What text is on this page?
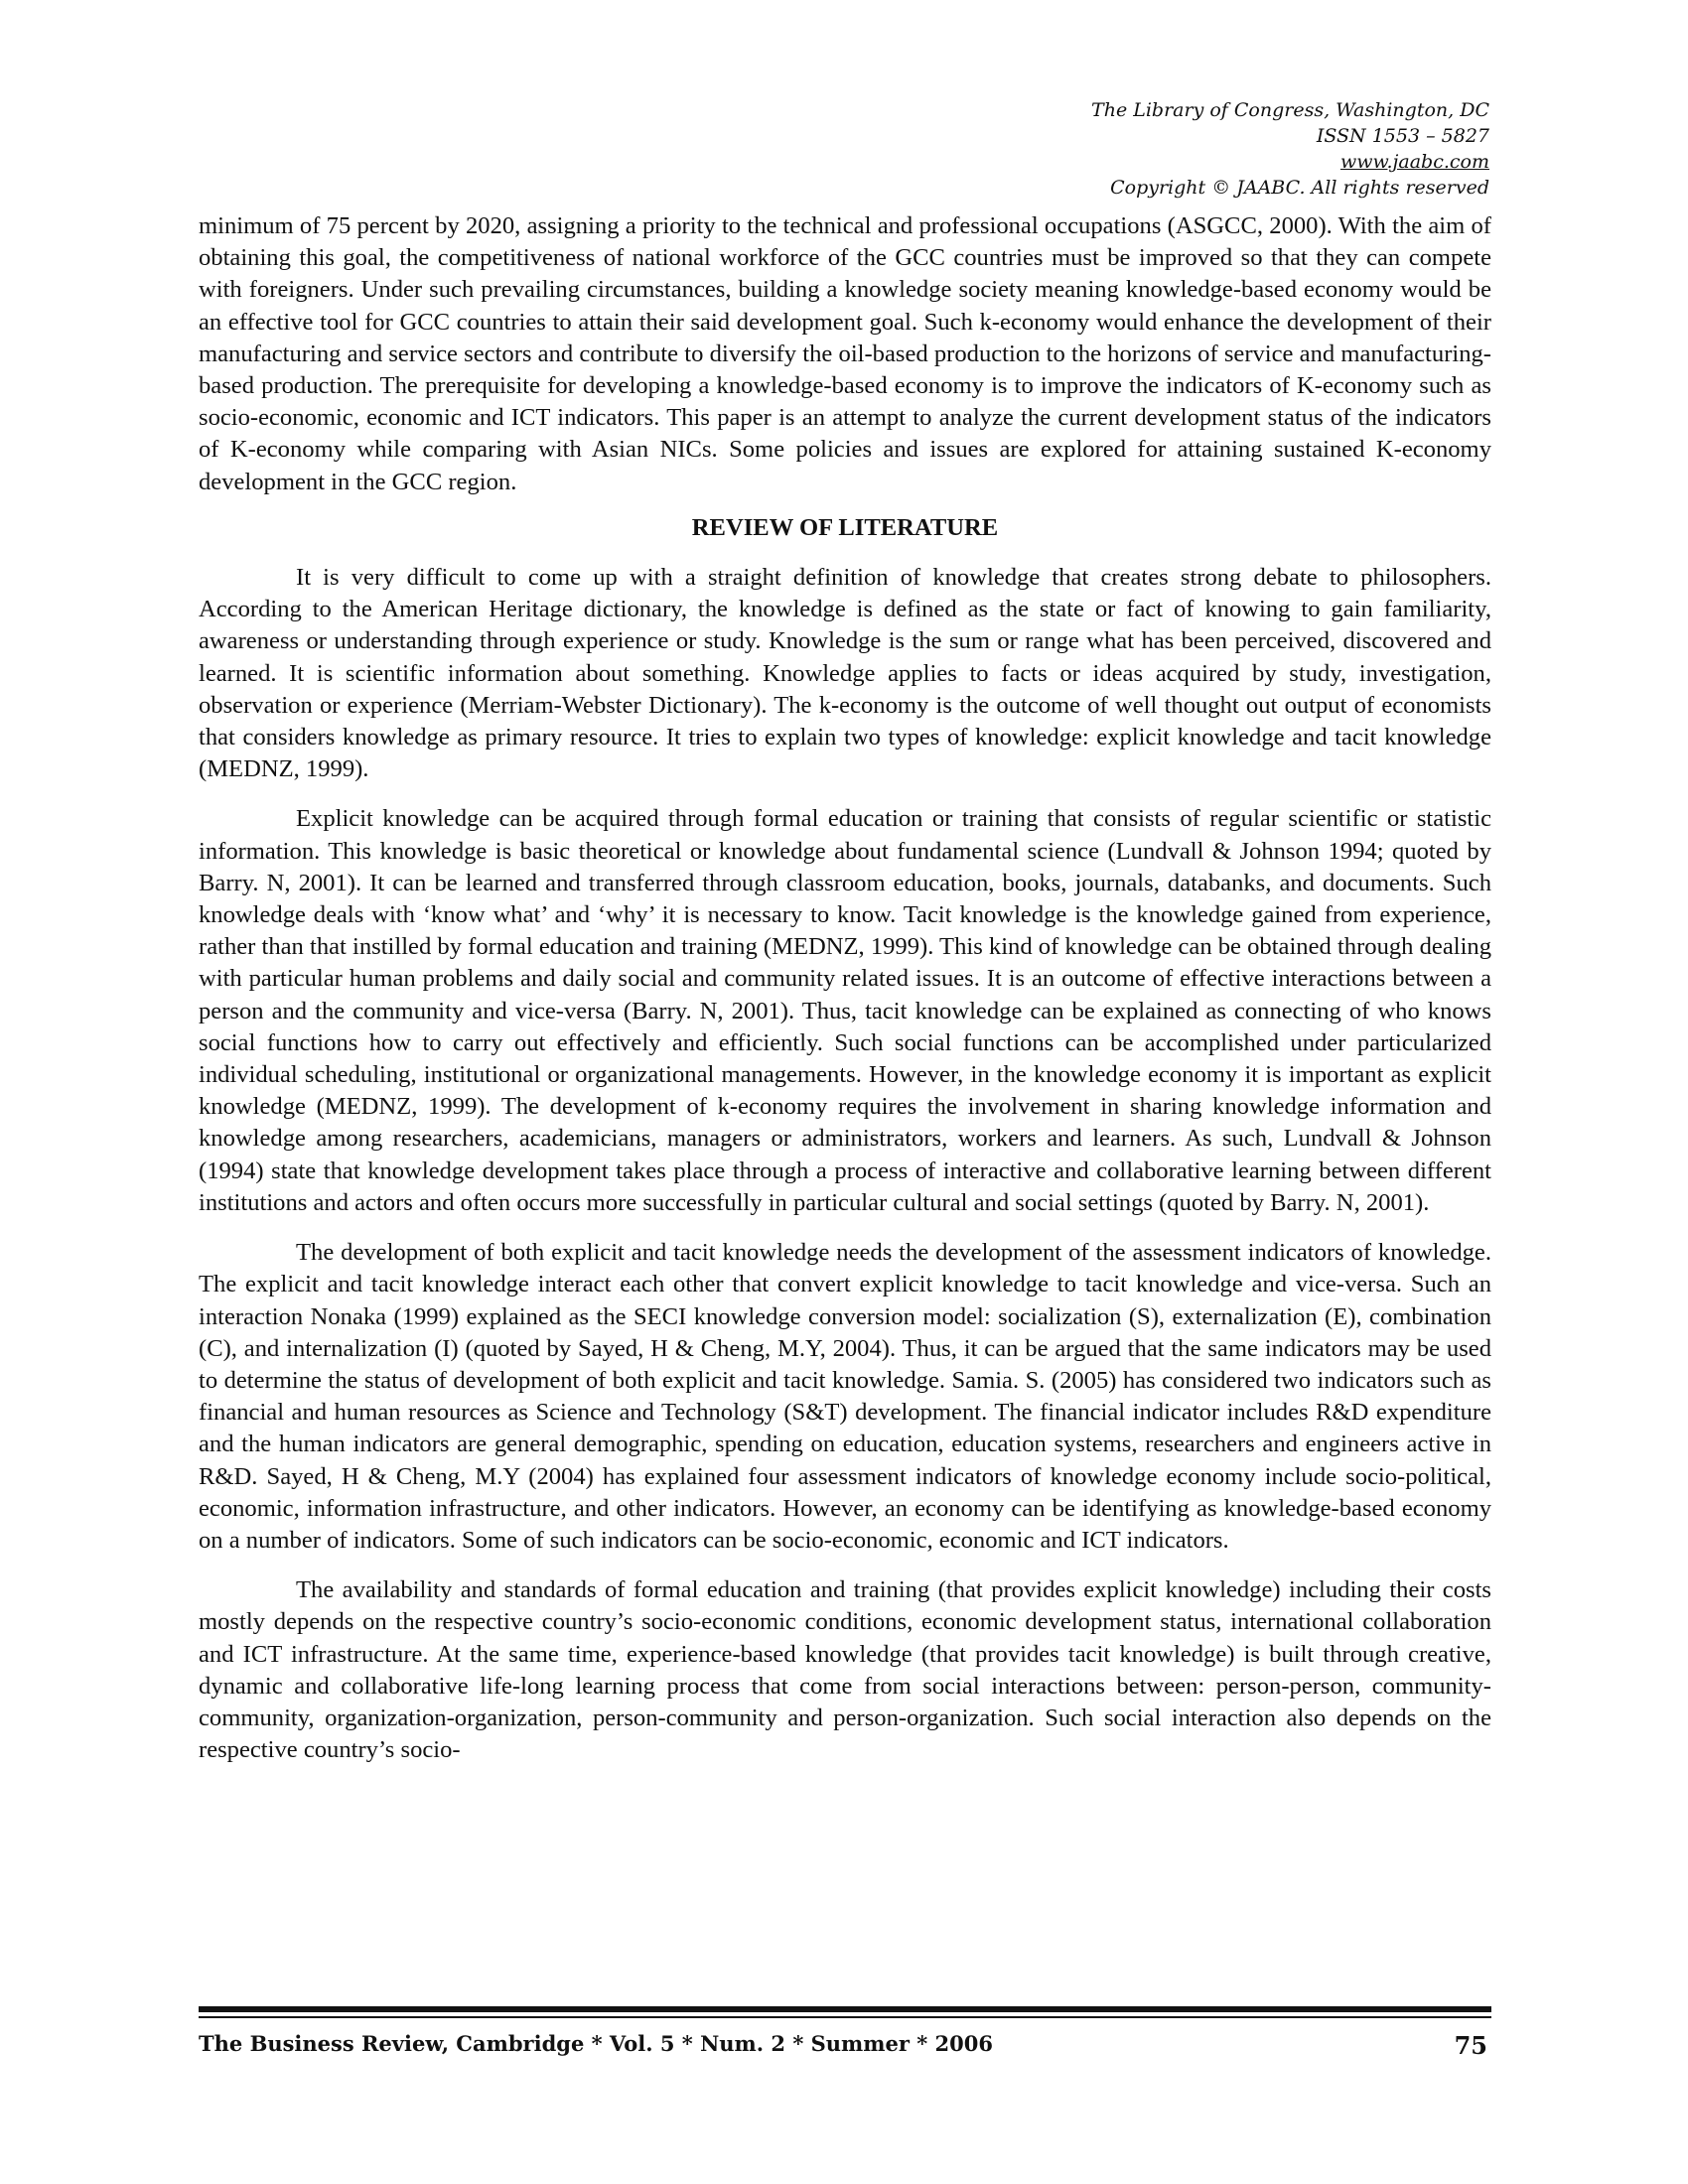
The Library of Congress, Washington, DC
ISSN 1553 – 5827
www.jaabc.com
Copyright © JAABC. All rights reserved

minimum of 75 percent by 2020, assigning a priority to the technical and professional occupations (ASGCC, 2000). With the aim of obtaining this goal, the competitiveness of national workforce of the GCC countries must be improved so that they can compete with foreigners. Under such prevailing circumstances, building a knowledge society meaning knowledge-based economy would be an effective tool for GCC countries to attain their said development goal. Such k-economy would enhance the development of their manufacturing and service sectors and contribute to diversify the oil-based production to the horizons of service and manufacturing-based production. The prerequisite for developing a knowledge-based economy is to improve the indicators of K-economy such as socio-economic, economic and ICT indicators. This paper is an attempt to analyze the current development status of the indicators of K-economy while comparing with Asian NICs. Some policies and issues are explored for attaining sustained K-economy development in the GCC region.

REVIEW OF LITERATURE

It is very difficult to come up with a straight definition of knowledge that creates strong debate to philosophers. According to the American Heritage dictionary, the knowledge is defined as the state or fact of knowing to gain familiarity, awareness or understanding through experience or study. Knowledge is the sum or range what has been perceived, discovered and learned. It is scientific information about something. Knowledge applies to facts or ideas acquired by study, investigation, observation or experience (Merriam-Webster Dictionary). The k-economy is the outcome of well thought out output of economists that considers knowledge as primary resource. It tries to explain two types of knowledge: explicit knowledge and tacit knowledge (MEDNZ, 1999).

Explicit knowledge can be acquired through formal education or training that consists of regular scientific or statistic information. This knowledge is basic theoretical or knowledge about fundamental science (Lundvall & Johnson 1994; quoted by Barry. N, 2001). It can be learned and transferred through classroom education, books, journals, databanks, and documents. Such knowledge deals with ‘know what’ and ‘why’ it is necessary to know. Tacit knowledge is the knowledge gained from experience, rather than that instilled by formal education and training (MEDNZ, 1999). This kind of knowledge can be obtained through dealing with particular human problems and daily social and community related issues. It is an outcome of effective interactions between a person and the community and vice-versa (Barry. N, 2001). Thus, tacit knowledge can be explained as connecting of who knows social functions how to carry out effectively and efficiently. Such social functions can be accomplished under particularized individual scheduling, institutional or organizational managements. However, in the knowledge economy it is important as explicit knowledge (MEDNZ, 1999). The development of k-economy requires the involvement in sharing knowledge information and knowledge among researchers, academicians, managers or administrators, workers and learners. As such, Lundvall & Johnson (1994) state that knowledge development takes place through a process of interactive and collaborative learning between different institutions and actors and often occurs more successfully in particular cultural and social settings (quoted by Barry. N, 2001).

The development of both explicit and tacit knowledge needs the development of the assessment indicators of knowledge. The explicit and tacit knowledge interact each other that convert explicit knowledge to tacit knowledge and vice-versa. Such an interaction Nonaka (1999) explained as the SECI knowledge conversion model: socialization (S), externalization (E), combination (C), and internalization (I) (quoted by Sayed, H & Cheng, M.Y, 2004). Thus, it can be argued that the same indicators may be used to determine the status of development of both explicit and tacit knowledge. Samia. S. (2005) has considered two indicators such as financial and human resources as Science and Technology (S&T) development. The financial indicator includes R&D expenditure and the human indicators are general demographic, spending on education, education systems, researchers and engineers active in R&D. Sayed, H & Cheng, M.Y (2004) has explained four assessment indicators of knowledge economy include socio-political, economic, information infrastructure, and other indicators. However, an economy can be identifying as knowledge-based economy on a number of indicators. Some of such indicators can be socio-economic, economic and ICT indicators.

The availability and standards of formal education and training (that provides explicit knowledge) including their costs mostly depends on the respective country’s socio-economic conditions, economic development status, international collaboration and ICT infrastructure. At the same time, experience-based knowledge (that provides tacit knowledge) is built through creative, dynamic and collaborative life-long learning process that come from social interactions between: person-person, community-community, organization-organization, person-community and person-organization. Such social interaction also depends on the respective country’s socio-

The Business Review, Cambridge * Vol. 5 * Num. 2 * Summer * 2006	75
